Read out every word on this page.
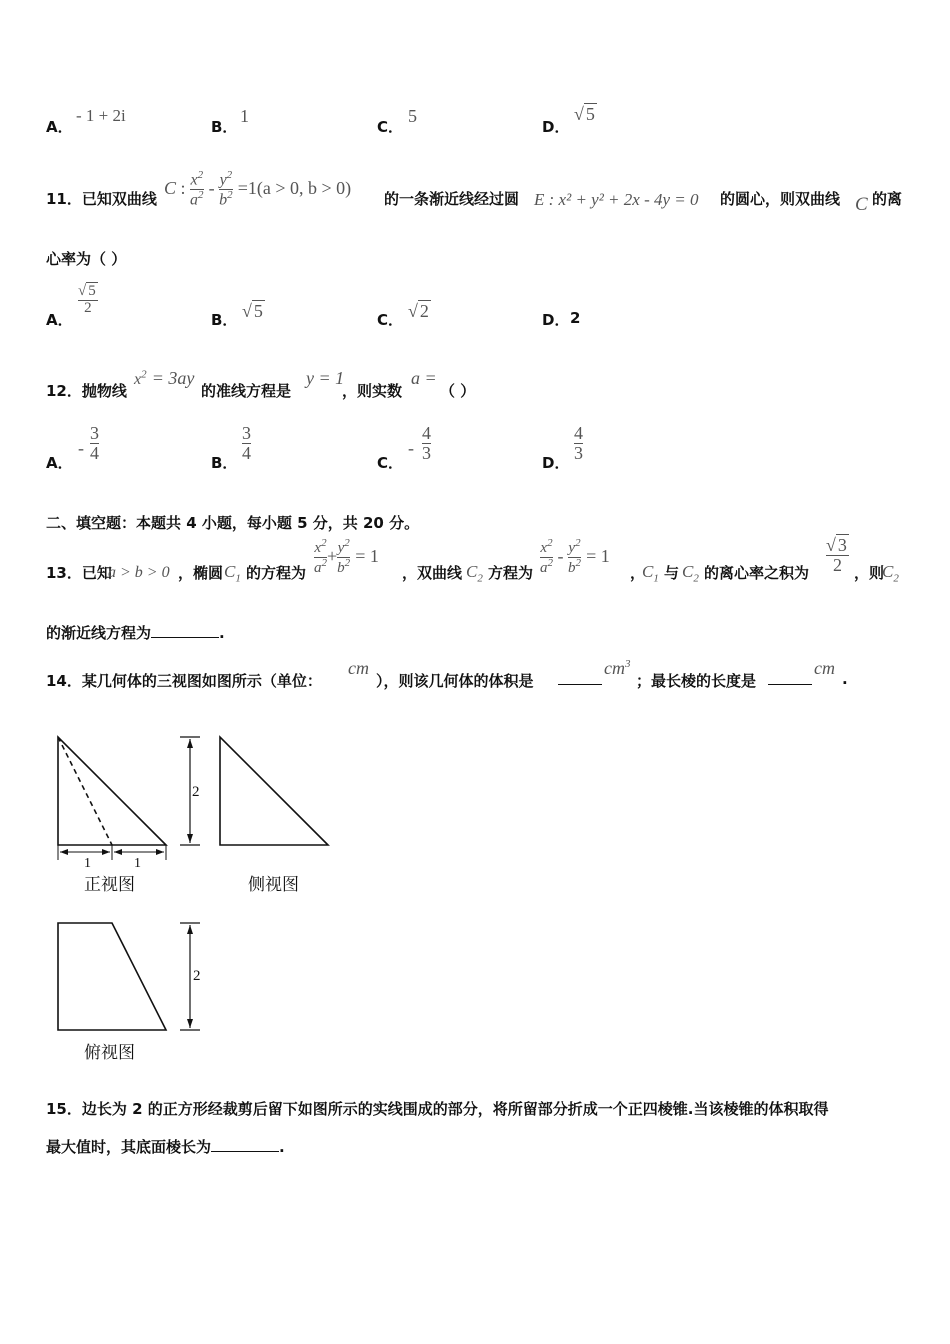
A．
- 1 + 2i
B．
1
C．
5
D．
√ 5
11．已知双曲线
C : $\frac{x^2}{a^2} - \frac{y^2}{b^2} =1(a > 0$, b > 0)
的一条渐近线经过圆 E : x² + y² + 2x - 4y = 0 的圆心，则双曲线 C 的离
心率为（ ）
A．
√ 5
2
B． √ 5	C． √ 2	D． 2
12．抛物线
$x^2 = 3ay$
的准线方程是
y = 1
，则实数
a =
（ ）
A．
-
3
4
B．
3
4
C．
-
4
3
D．
4
3
二、填空题：本题共 4 小题，每小题 5 分，共 20 分。
13．已知
a > b > 0 ，椭圆 $C_1$ 的方程为 $\frac{x^2}{a^2} + \frac{y^2}{b^2} = 1$
，双曲线 $C_2$ 方程为 $\frac{x^2}{a^2} - \frac{y^2}{b^2} = 1$
，
$C_1$ 与 $C_2$ 的离心率之积为
√ 3
2 ，则
$C_2$
的渐近线方程为	.
14．某几何体的三视图如图所示（单位：
cm
），则该几何体的体积是
$cm^3$
；最长棱的长度是
cm
.
1	1
2
正视图	侧视图
2
俯视图
15．边长为 2 的正方形经裁剪后留下如图所示的实线围成的部分，将所留部分折成一个正四棱锥.当该棱锥的体积取得
最大值时，其底面棱长为	.
